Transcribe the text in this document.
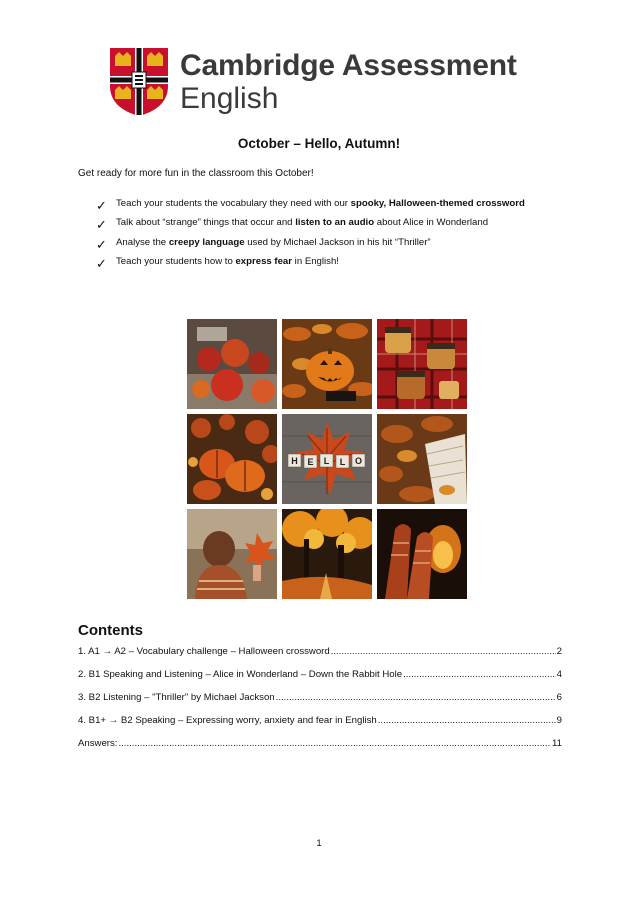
Cambridge Assessment
English
October – Hello, Autumn!
Get ready for more fun in the classroom this October!
✓ Teach your students the vocabulary they need with our spooky, Halloween-themed crossword
✓ Talk about “strange” things that occur and listen to an audio about Alice in Wonderland
✓ Analyse the creepy language used by Michael Jackson in his hit “Thriller”
✓ Teach your students how to express fear in English!
H E L L O
Contents
1. A1 → A2 – Vocabulary challenge – Halloween crossword .....	2
2. B1 Speaking and Listening – Alice in Wonderland – Down the Rabbit Hole .....	4
3. B2 Listening – "Thriller" by Michael Jackson .....	6
4. B1+ → B2 Speaking – Expressing worry, anxiety and fear in English .....	9
Answers: .....	11
1
